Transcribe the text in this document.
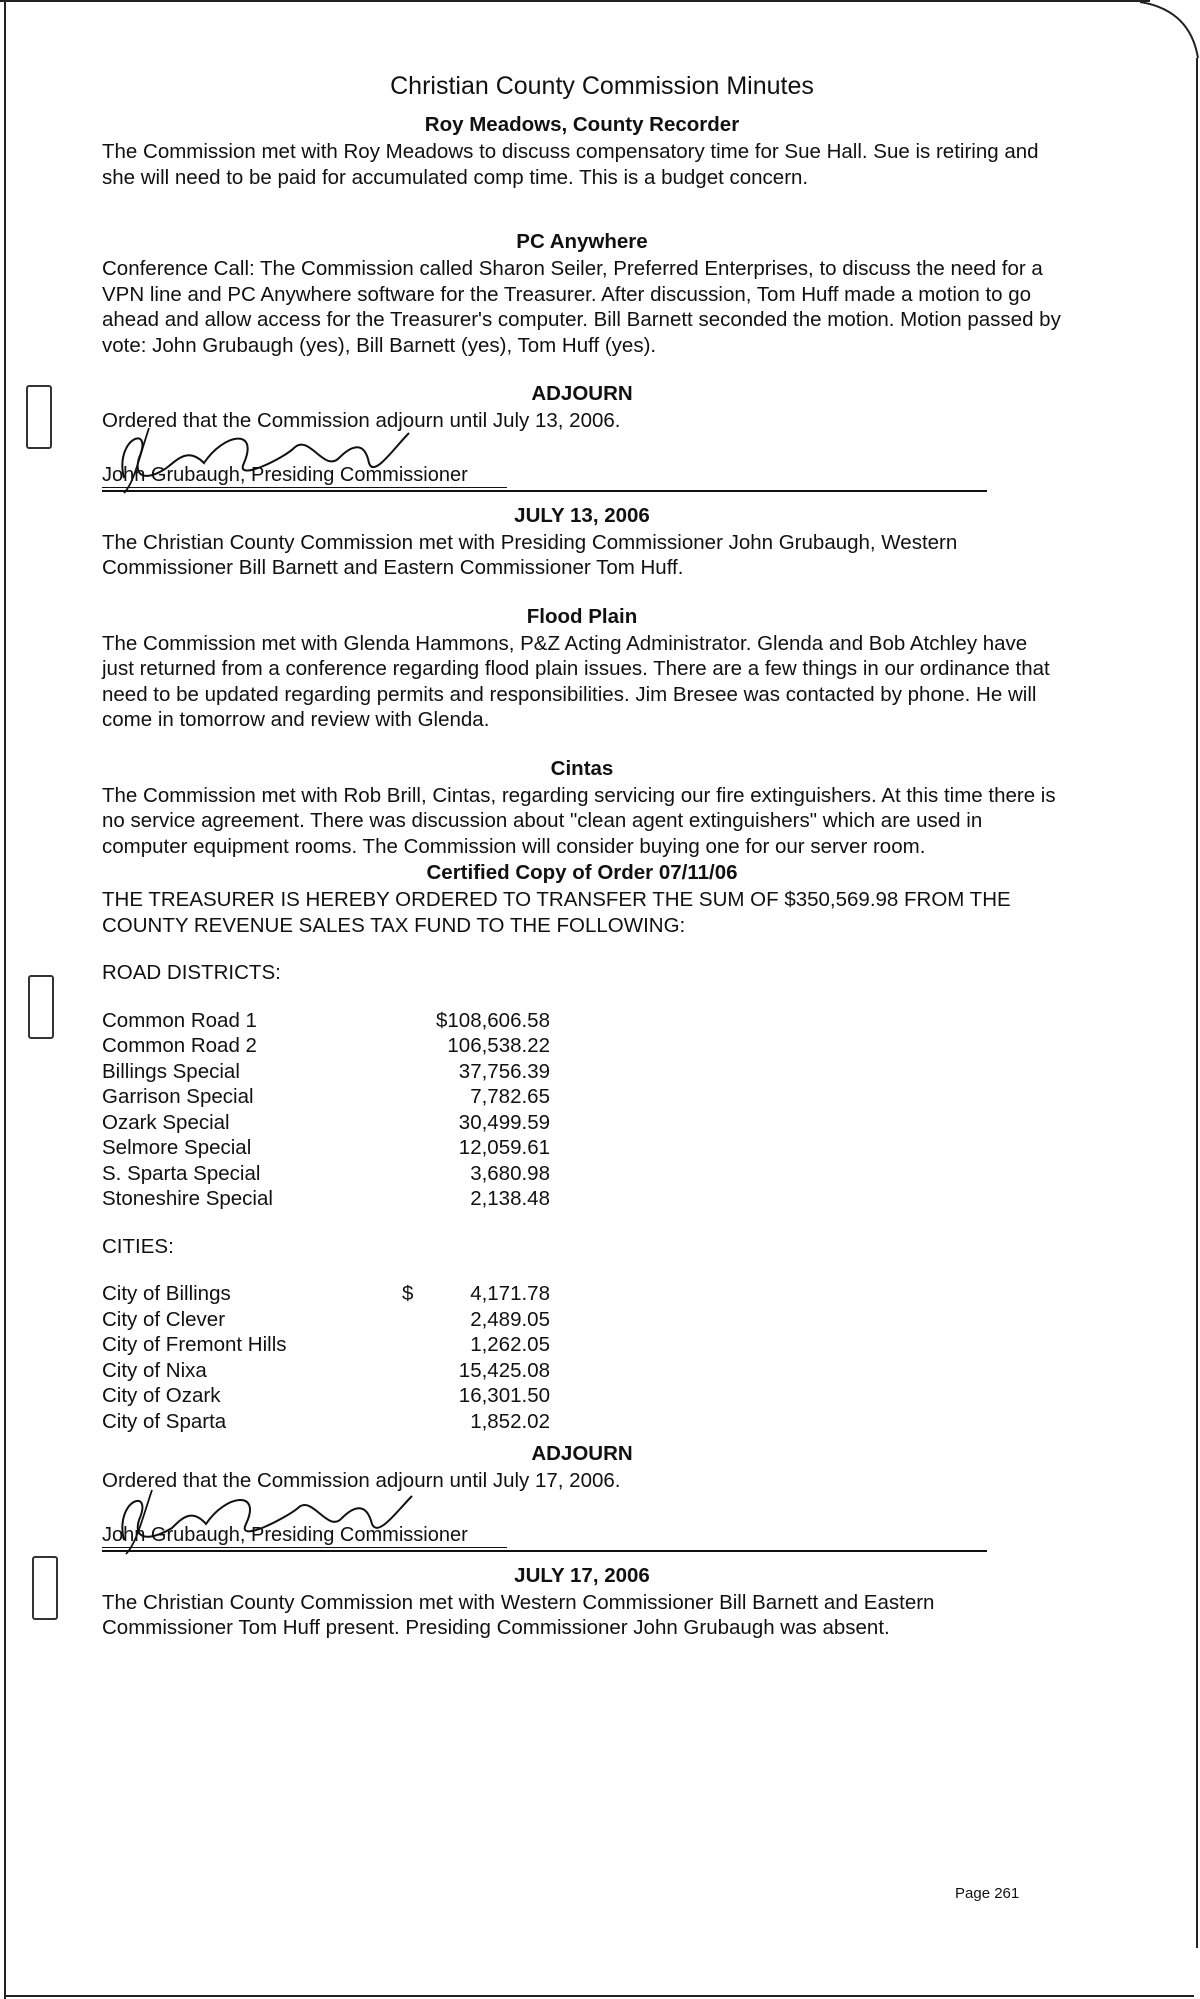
Christian County Commission Minutes
Roy Meadows, County Recorder

The Commission met with Roy Meadows to discuss compensatory time for Sue Hall. Sue is retiring and she will need to be paid for accumulated comp time. This is a budget concern.

PC Anywhere

Conference Call: The Commission called Sharon Seiler, Preferred Enterprises, to discuss the need for a VPN line and PC Anywhere software for the Treasurer. After discussion, Tom Huff made a motion to go ahead and allow access for the Treasurer's computer. Bill Barnett seconded the motion. Motion passed by vote: John Grubaugh (yes), Bill Barnett (yes), Tom Huff (yes).

ADJOURN

Ordered that the Commission adjourn until July 13, 2006.

John Grubaugh, Presiding Commissioner
JULY 13, 2006

The Christian County Commission met with Presiding Commissioner John Grubaugh, Western Commissioner Bill Barnett and Eastern Commissioner Tom Huff.

Flood Plain

The Commission met with Glenda Hammons, P&Z Acting Administrator. Glenda and Bob Atchley have just returned from a conference regarding flood plain issues. There are a few things in our ordinance that need to be updated regarding permits and responsibilities. Jim Bresee was contacted by phone. He will come in tomorrow and review with Glenda.

Cintas

The Commission met with Rob Brill, Cintas, regarding servicing our fire extinguishers. At this time there is no service agreement. There was discussion about "clean agent extinguishers" which are used in computer equipment rooms. The Commission will consider buying one for our server room.

Certified Copy of Order 07/11/06

THE TREASURER IS HEREBY ORDERED TO TRANSFER THE SUM OF $350,569.98 FROM THE COUNTY REVENUE SALES TAX FUND TO THE FOLLOWING:

ROAD DISTRICTS:
Common Road 1		$108,606.58
Common Road 2		106,538.22
Billings Special		37,756.39
Garrison Special		7,782.65
Ozark Special		30,499.59
Selmore Special		12,059.61
S. Sparta Special		3,680.98
Stoneshire Special		2,138.48
CITIES:
City of Billings	$	4,171.78
City of Clever		2,489.05
City of Fremont Hills		1,262.05
City of Nixa		15,425.08
City of Ozark		16,301.50
City of Sparta		1,852.02
ADJOURN

Ordered that the Commission adjourn until July 17, 2006.

John Grubaugh, Presiding Commissioner
JULY 17, 2006

The Christian County Commission met with Western Commissioner Bill Barnett and Eastern Commissioner Tom Huff present. Presiding Commissioner John Grubaugh was absent.

Page 261
